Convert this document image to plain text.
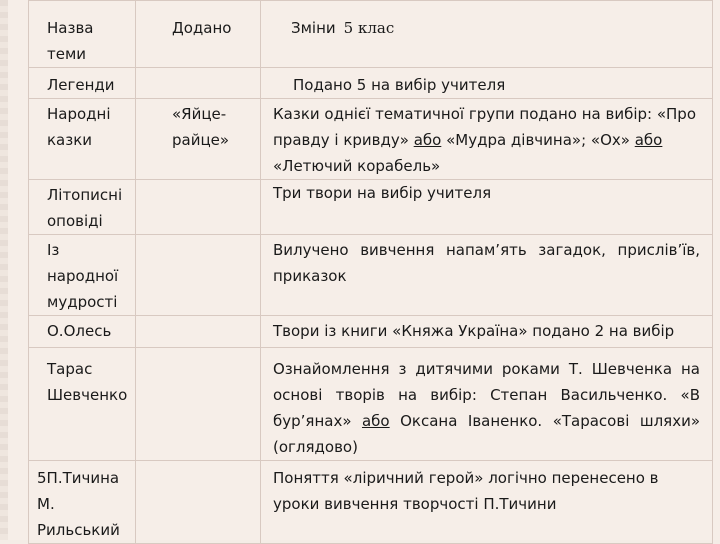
Назва теми	Додано	Зміни 5 клас
Легенди		Подано 5 на вибір учителя

Народні казки	«Яйце-райце»	Казки однієї тематичної групи подано на вибір: «Про правду і кривду» або «Мудра дівчина»; «Ох» або «Летючий корабель»

Літописні оповіді		Три твори на вибір учителя

Із народної мудрості		Вилучено вивчення напам’ять загадок, прислів’їв, приказок
О.Олесь		Твори із книги «Княжа Україна» подано 2 на вибір

Тарас Шевченко		Ознайомлення з дитячими роками Т. Шевченка на основі творів на вибір: Степан Васильченко. «В бур’янах» або Оксана Іваненко. «Тарасові шляхи» (оглядово)

5П.Тичина М. Рильський		Поняття «ліричний герой» логічно перенесено в уроки вивчення творчості П.Тичини
